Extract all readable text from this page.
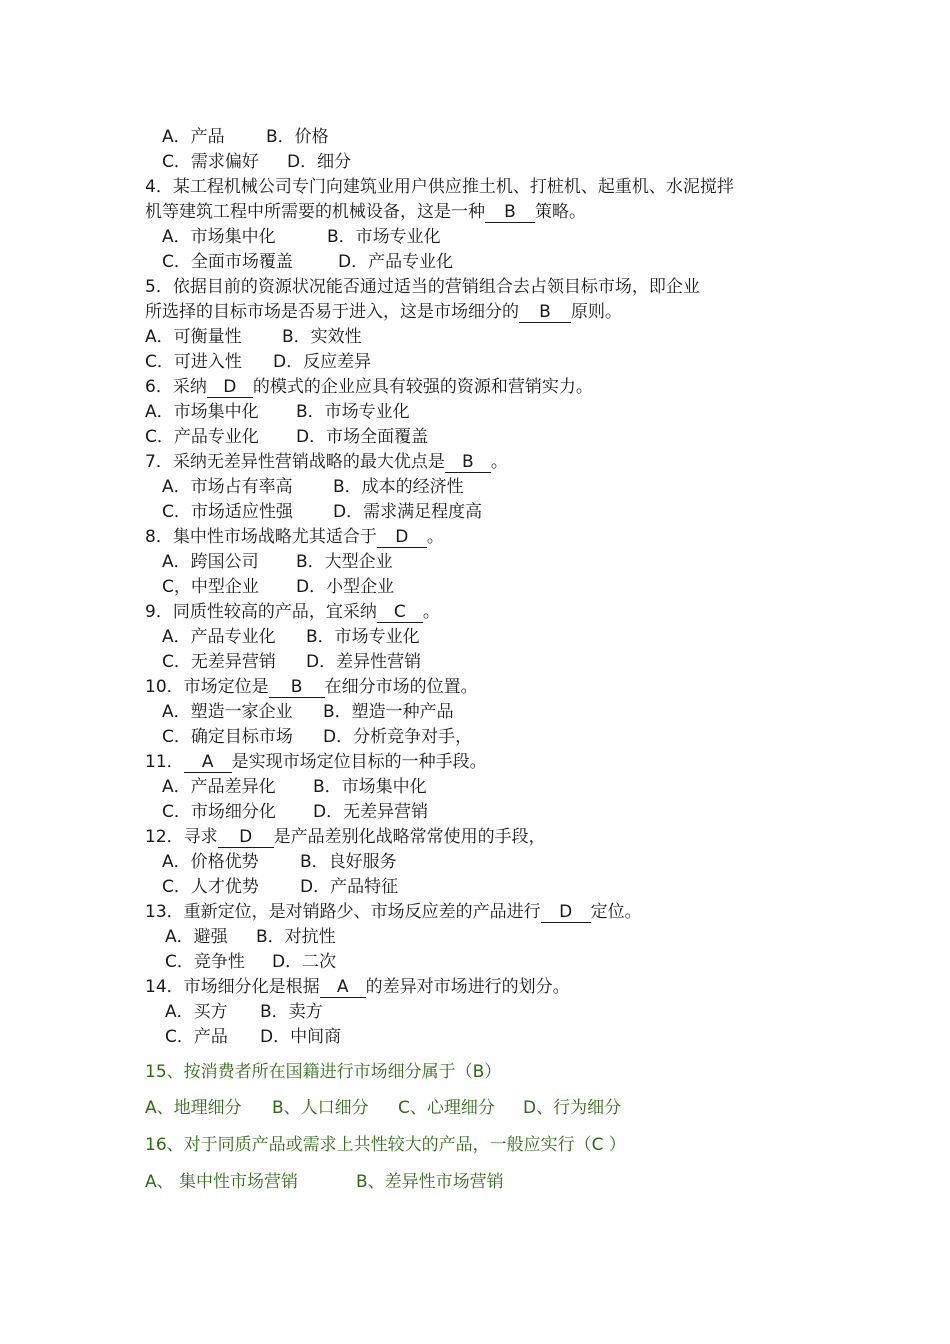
A．产品 B．价格
C．需求偏好 D．细分
4．某工程机械公司专门向建筑业用户供应推土机、打桩机、起重机、水泥搅拌
机等建筑工程中所需要的机械设备，这是一种 B 策略。
A．市场集中化	B．市场专业化
C．全面市场覆盖	D．产品专业化
5．依据目前的资源状况能否通过适当的营销组合去占领目标市场，即企业
所选择的目标市场是否易于进入，这是市场细分的 B 原则。
A．可衡量性 B．实效性
C．可进入性 D．反应差异
6．采纳 D 的模式的企业应具有较强的资源和营销实力。
A．市场集中化 B．市场专业化
C．产品专业化 D．市场全面覆盖
7．采纳无差异性营销战略的最大优点是 B 。
A．市场占有率高 B．成本的经济性
C．市场适应性强 D．需求满足程度高
8．集中性市场战略尤其适合于 D 。
A．跨国公司 B．大型企业
C，中型企业 D．小型企业
9．同质性较高的产品，宜采纳 C 。
A．产品专业化 B．市场专业化
C．无差异营销 D．差异性营销
10．市场定位是 B 在细分市场的位置。
A．塑造一家企业 B．塑造一种产品
C．确定目标市场 D．分析竞争对手，
11． A 是实现市场定位目标的一种手段。
A．产品差异化 B．市场集中化
C．市场细分化 D．无差异营销
12．寻求 D 是产品差别化战略常常使用的手段，
A．价格优势 B．良好服务
C．人才优势 D．产品特征
13．重新定位，是对销路少、市场反应差的产品进行 D 定位。
A．避强 B．对抗性
C．竞争性 D．二次
14．市场细分化是根据 A 的差异对市场进行的划分。
A．买方 B．卖方
C．产品 D．中间商
15、按消费者所在国籍进行市场细分属于（B）
A、地理细分 B、人口细分 C、心理细分 D、行为细分
16、对于同质产品或需求上共性较大的产品，一般应实行（C ）
A、 集中性市场营销	B、差异性市场营销
